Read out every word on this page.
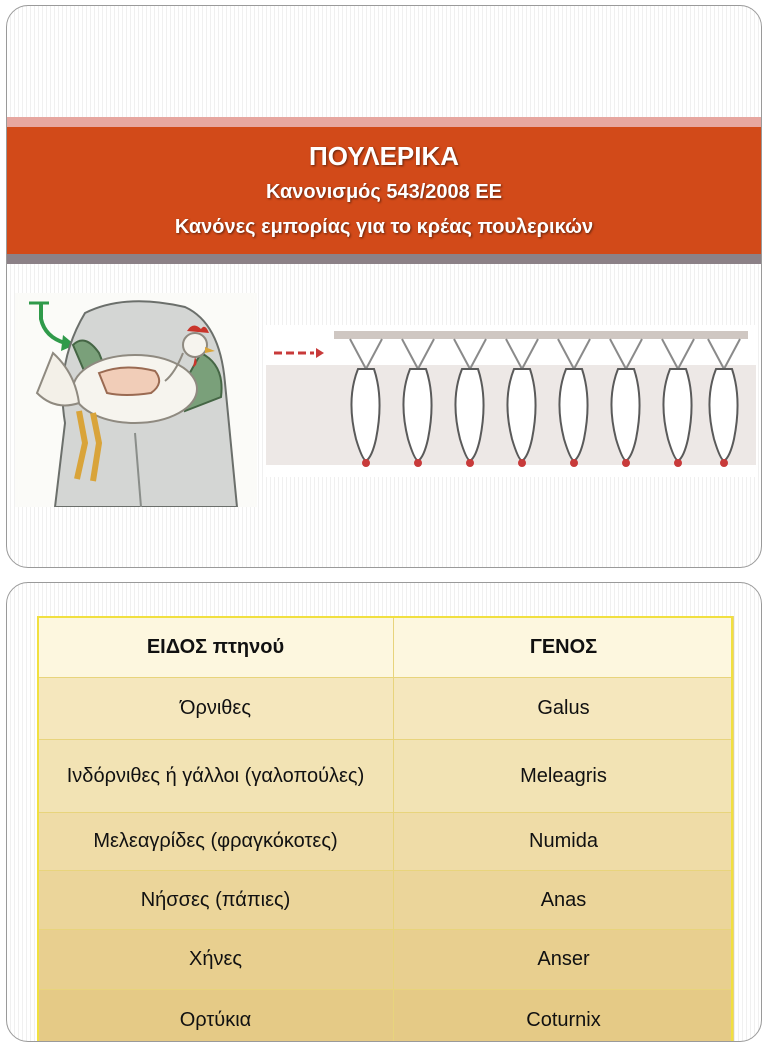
ΠΟΥΛΕΡΙΚΑ
Κανονισμός 543/2008 ΕΕ
Κανόνες εμπορίας για το κρέας πουλερικών
ΕΙΔΟΣ πτηνού	ΓΕΝΟΣ
Όρνιθες	Galus
Ινδόρνιθες ή γάλλοι (γαλοπούλες)	Meleagris
Μελεαγρίδες (φραγκόκοτες)	Numida
Νήσσες (πάπιες)	Anas
Χήνες	Anser
Ορτύκια	Coturnix
